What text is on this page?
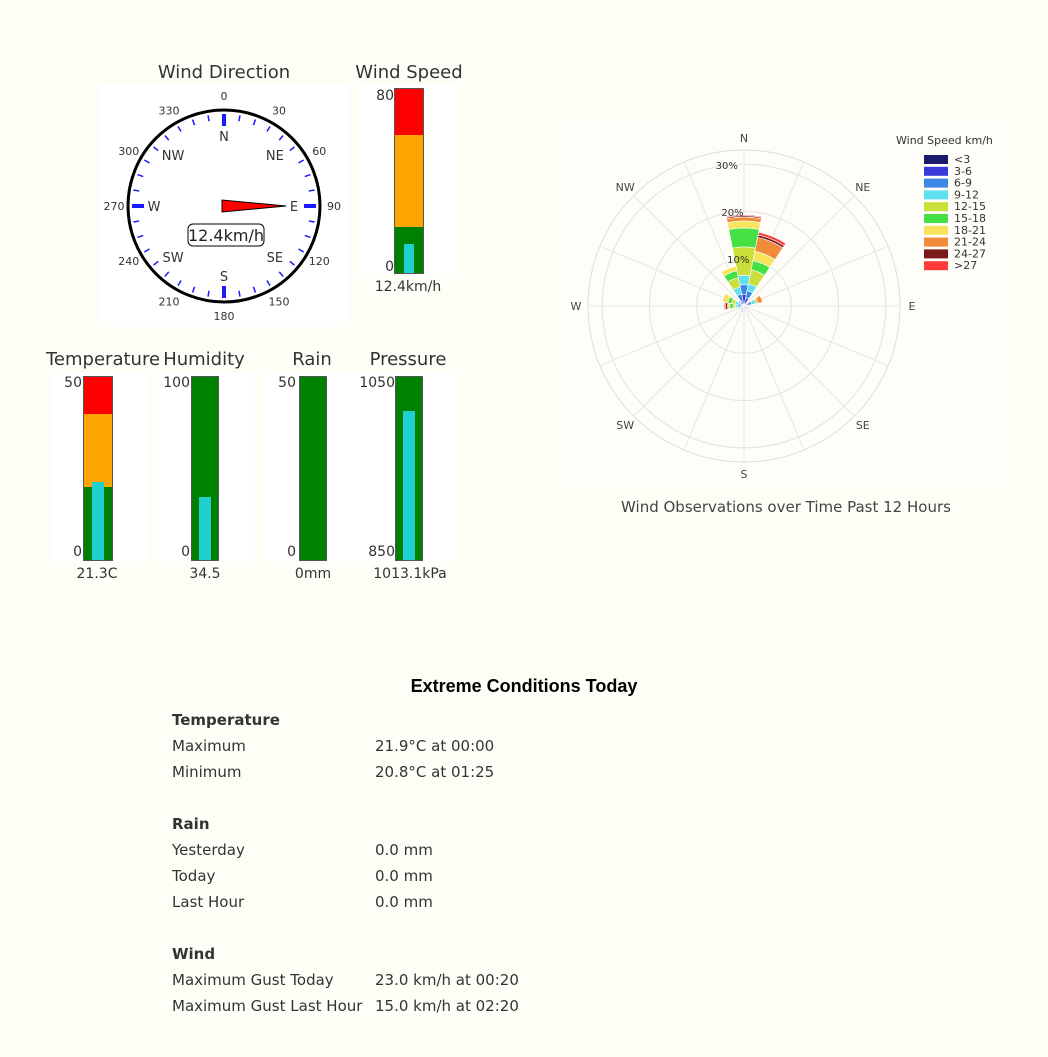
Wind Direction
0
30
60
90
120
150
180
210
240
270
300
330
N
NE
E
SE
S
SW
W
NW
12.4km/h
Wind Speed
80
0
12.4km/h
Temperature
50
0
21.3C
Humidity
100
0
34.5
Rain
50
0
0mm
Pressure
1050
850
1013.1kPa
N
NE
E
SE
S
SW
W
NW
10%
20%
30%
Wind Speed km/h
<3
3-6
6-9
9-12
12-15
15-18
18-21
21-24
24-27
>27
Wind Observations over Time Past 12 Hours
Extreme Conditions Today
Temperature
Maximum	21.9°C at 00:00
Minimum	20.8°C at 01:25
Rain
Yesterday	0.0 mm
Today	0.0 mm
Last Hour	0.0 mm
Wind
Maximum Gust Today	23.0 km/h at 00:20
Maximum Gust Last Hour 15.0 km/h at 02:20
